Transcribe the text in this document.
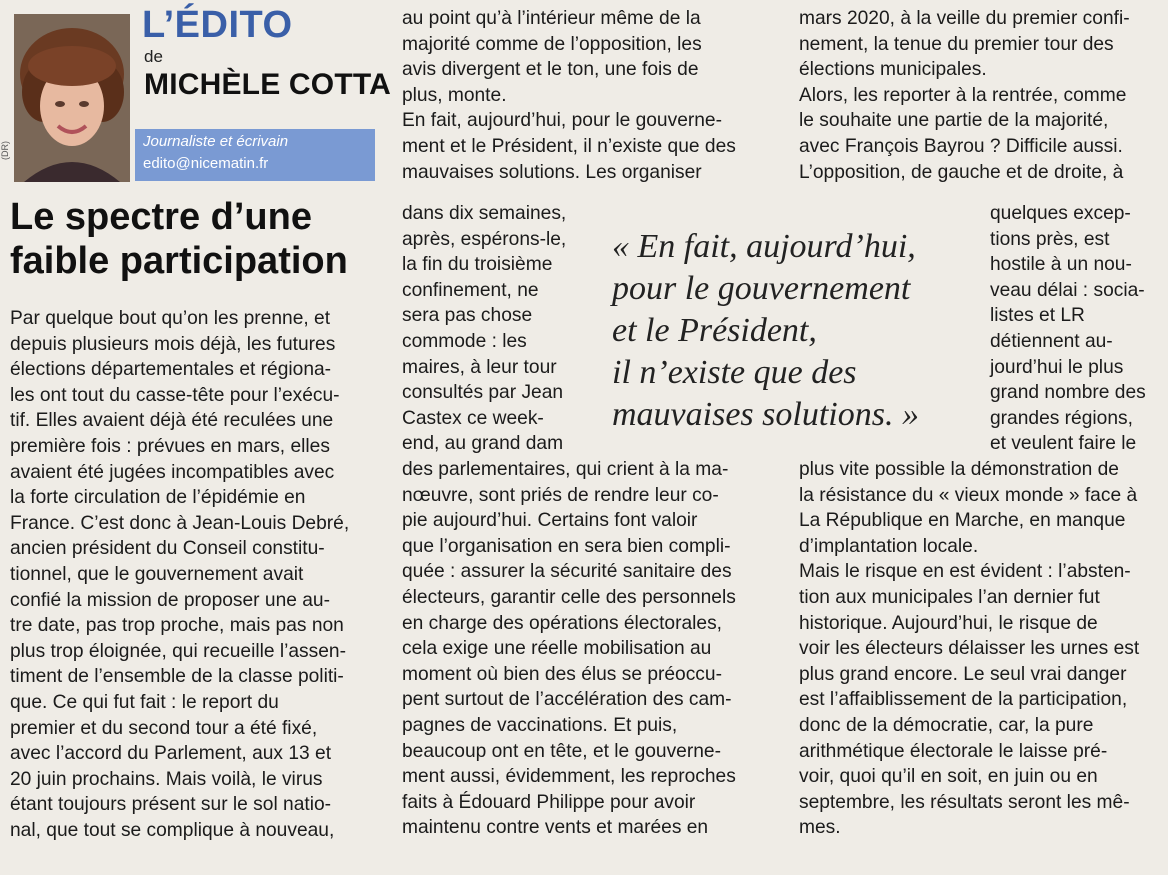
(DR)
L’ÉDITO
de
MICHÈLE COTTA
Journaliste et écrivain
edito@nicematin.fr
Le spectre d’une
faible participation
Par quelque bout qu’on les prenne, et
depuis plusieurs mois déjà, les futures
élections départementales et régiona-
les ont tout du casse-tête pour l’exécu-
tif. Elles avaient déjà été reculées une
première fois : prévues en mars, elles
avaient été jugées incompatibles avec
la forte circulation de l’épidémie en
France. C’est donc à Jean-Louis Debré,
ancien président du Conseil constitu-
tionnel, que le gouvernement avait
confié la mission de proposer une au-
tre date, pas trop proche, mais pas non
plus trop éloignée, qui recueille l’assen-
timent de l’ensemble de la classe politi-
que. Ce qui fut fait : le report du
premier et du second tour a été fixé,
avec l’accord du Parlement, aux 13 et
20 juin prochains. Mais voilà, le virus
étant toujours présent sur le sol natio-
nal, que tout se complique à nouveau,
au point qu’à l’intérieur même de la
majorité comme de l’opposition, les
avis divergent et le ton, une fois de
plus, monte.
En fait, aujourd’hui, pour le gouverne-
ment et le Président, il n’existe que des
mauvaises solutions. Les organiser
dans dix semaines,
après, espérons-le,
la fin du troisième
confinement, ne
sera pas chose
commode : les
maires, à leur tour
consultés par Jean
Castex ce week-
end, au grand dam
des parlementaires, qui crient à la ma-
nœuvre, sont priés de rendre leur co-
pie aujourd’hui. Certains font valoir
que l’organisation en sera bien compli-
quée : assurer la sécurité sanitaire des
électeurs, garantir celle des personnels
en charge des opérations électorales,
cela exige une réelle mobilisation au
moment où bien des élus se préoccu-
pent surtout de l’accélération des cam-
pagnes de vaccinations. Et puis,
beaucoup ont en tête, et le gouverne-
ment aussi, évidemment, les reproches
faits à Édouard Philippe pour avoir
maintenu contre vents et marées en
mars 2020, à la veille du premier confi-
nement, la tenue du premier tour des
élections municipales.
Alors, les reporter à la rentrée, comme
le souhaite une partie de la majorité,
avec François Bayrou ? Difficile aussi.
L’opposition, de gauche et de droite, à
quelques excep-
tions près, est
hostile à un nou-
veau délai : socia-
listes et LR
détiennent au-
jourd’hui le plus
grand nombre des
grandes régions,
et veulent faire le
plus vite possible la démonstration de
la résistance du « vieux monde » face à
La République en Marche, en manque
d’implantation locale.
Mais le risque en est évident : l’absten-
tion aux municipales l’an dernier fut
historique. Aujourd’hui, le risque de
voir les électeurs délaisser les urnes est
plus grand encore. Le seul vrai danger
est l’affaiblissement de la participation,
donc de la démocratie, car, la pure
arithmétique électorale le laisse pré-
voir, quoi qu’il en soit, en juin ou en
septembre, les résultats seront les mê-
mes.
« En fait, aujourd’hui,
pour le gouvernement
et le Président,
il n’existe que des
mauvaises solutions. »
